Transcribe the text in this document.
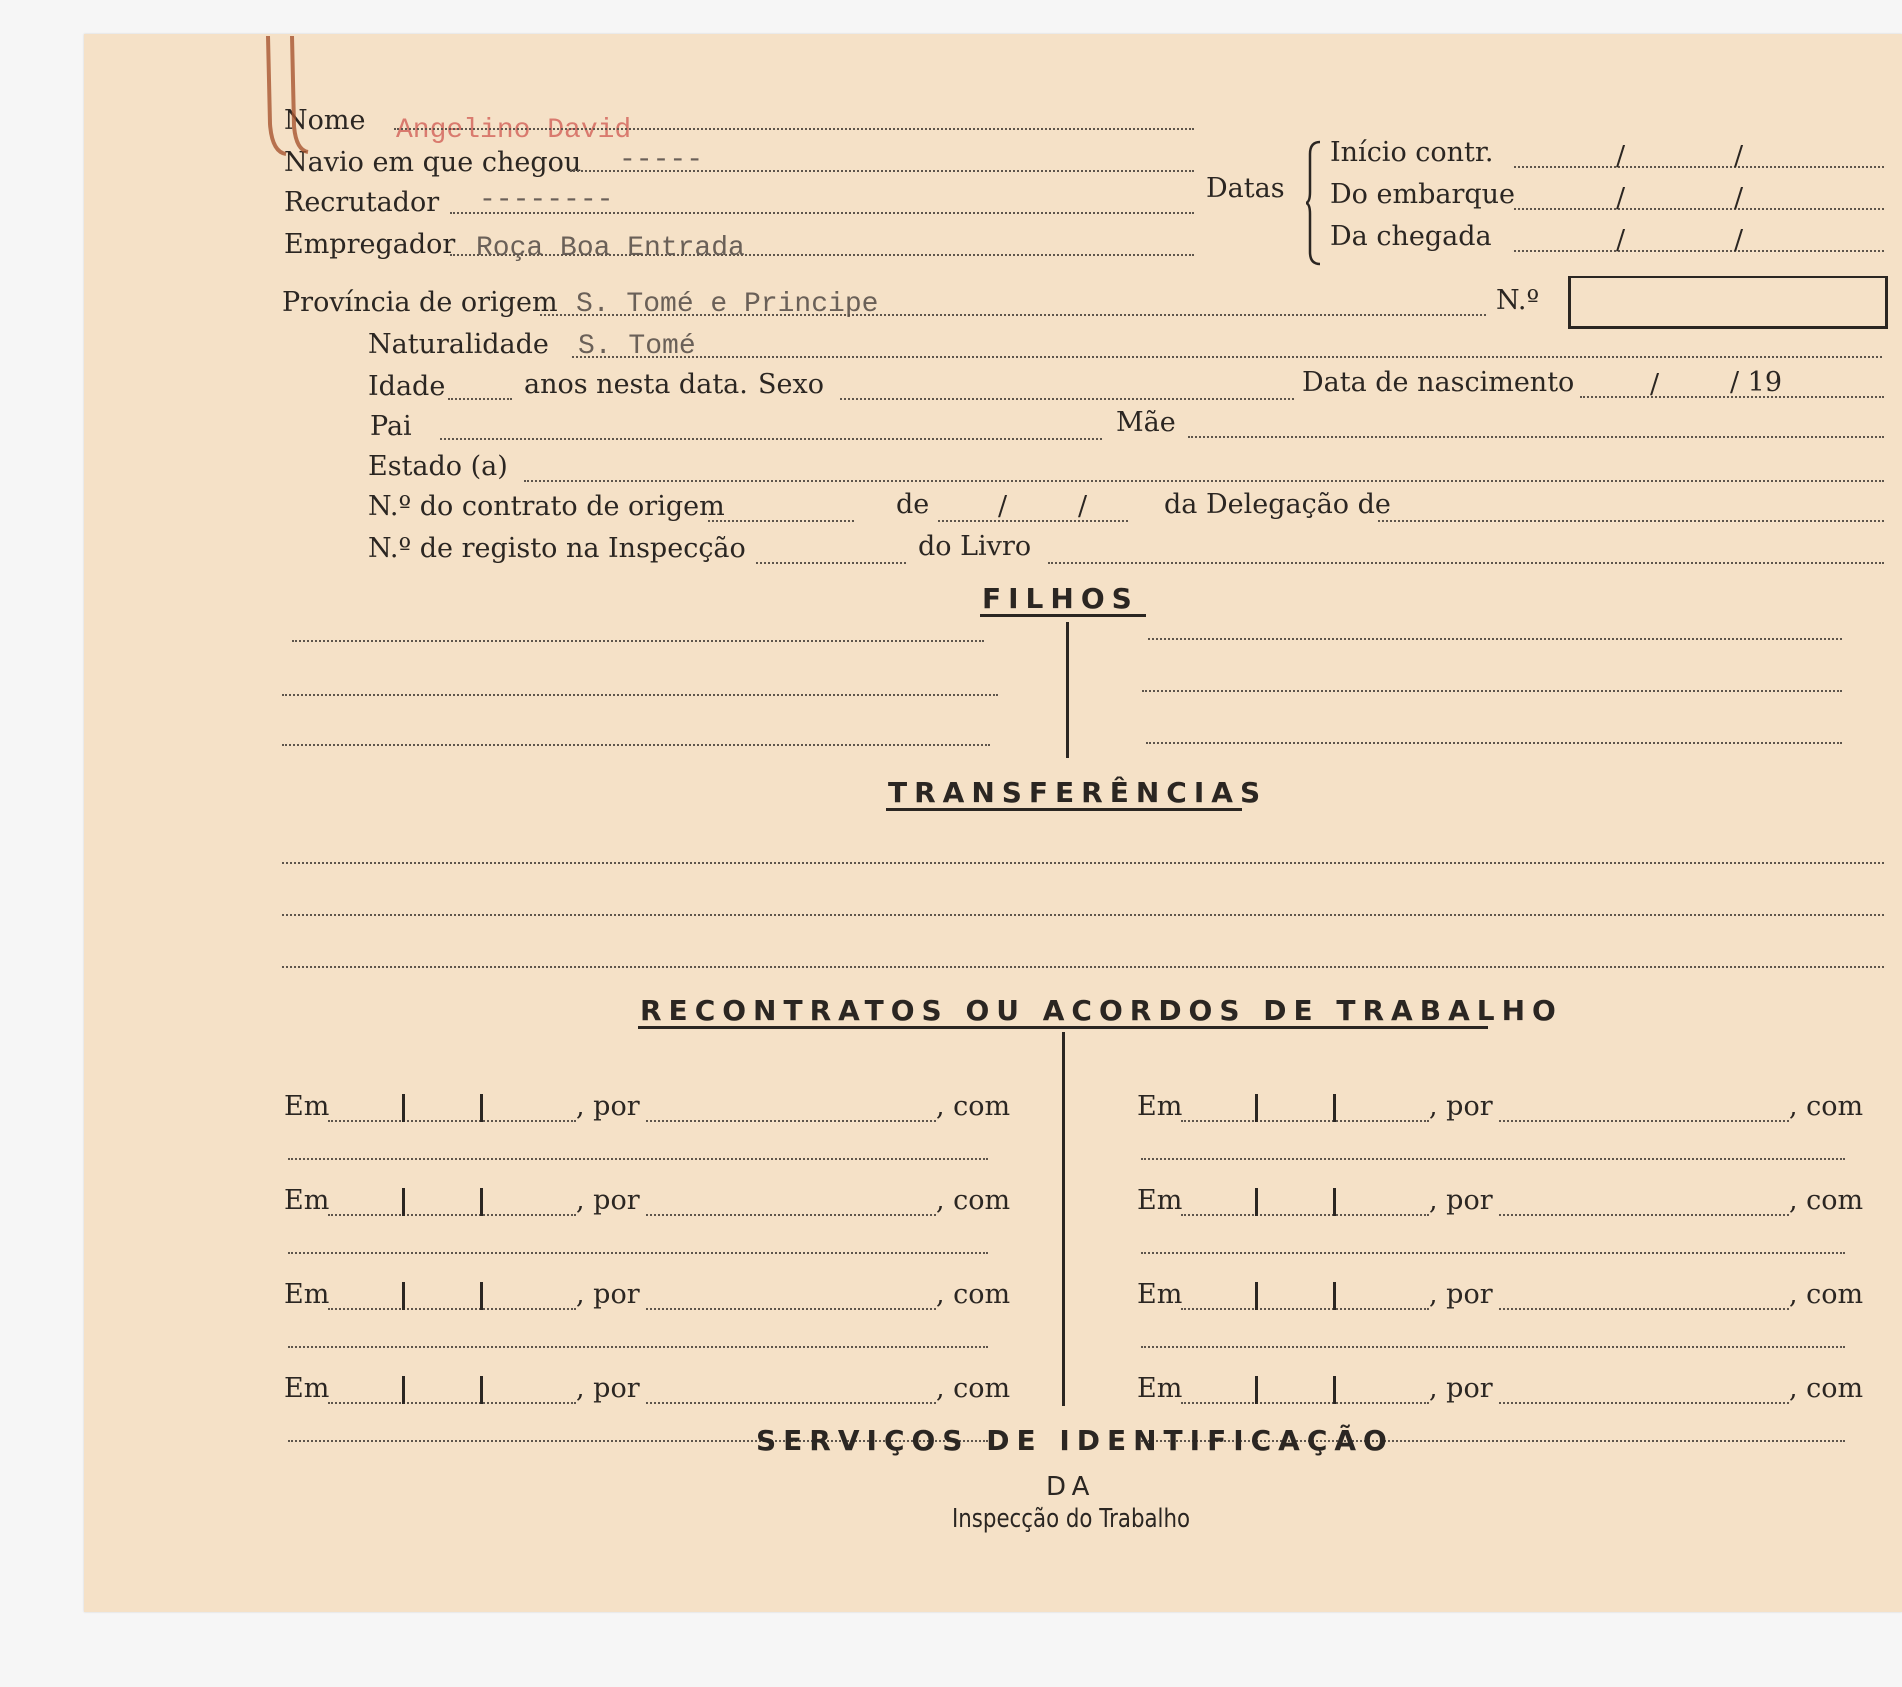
Nome Angelino David
Navio em que chegou -----
Recrutador --------
Empregador Roça Boa Entrada
Datas
Início contr.	/	/
Do embarque	/	/
Da chegada	/	/
Província de origem S. Tomé e Principe	N.º
Naturalidade S. Tomé
Idade	anos nesta data. Sexo	Data de nascimento	/	/ 19
Pai	Mãe
Estado (a)
N.º do contrato de origem	de	/	/	da Delegação de
N.º de registo na Inspecção	do Livro
FILHOS
TRANSFERÊNCIAS
RECONTRATOS OU ACORDOS DE TRABALHO
Em	, por	, com	Em	, por	, com
Em	, por	, com	Em	, por	, com
Em	, por	, com	Em	, por	, com
Em	, por	, com	Em	, por	, com
SERVIÇOS DE IDENTIFICAÇÃO
DA
Inspecção do Trabalho
